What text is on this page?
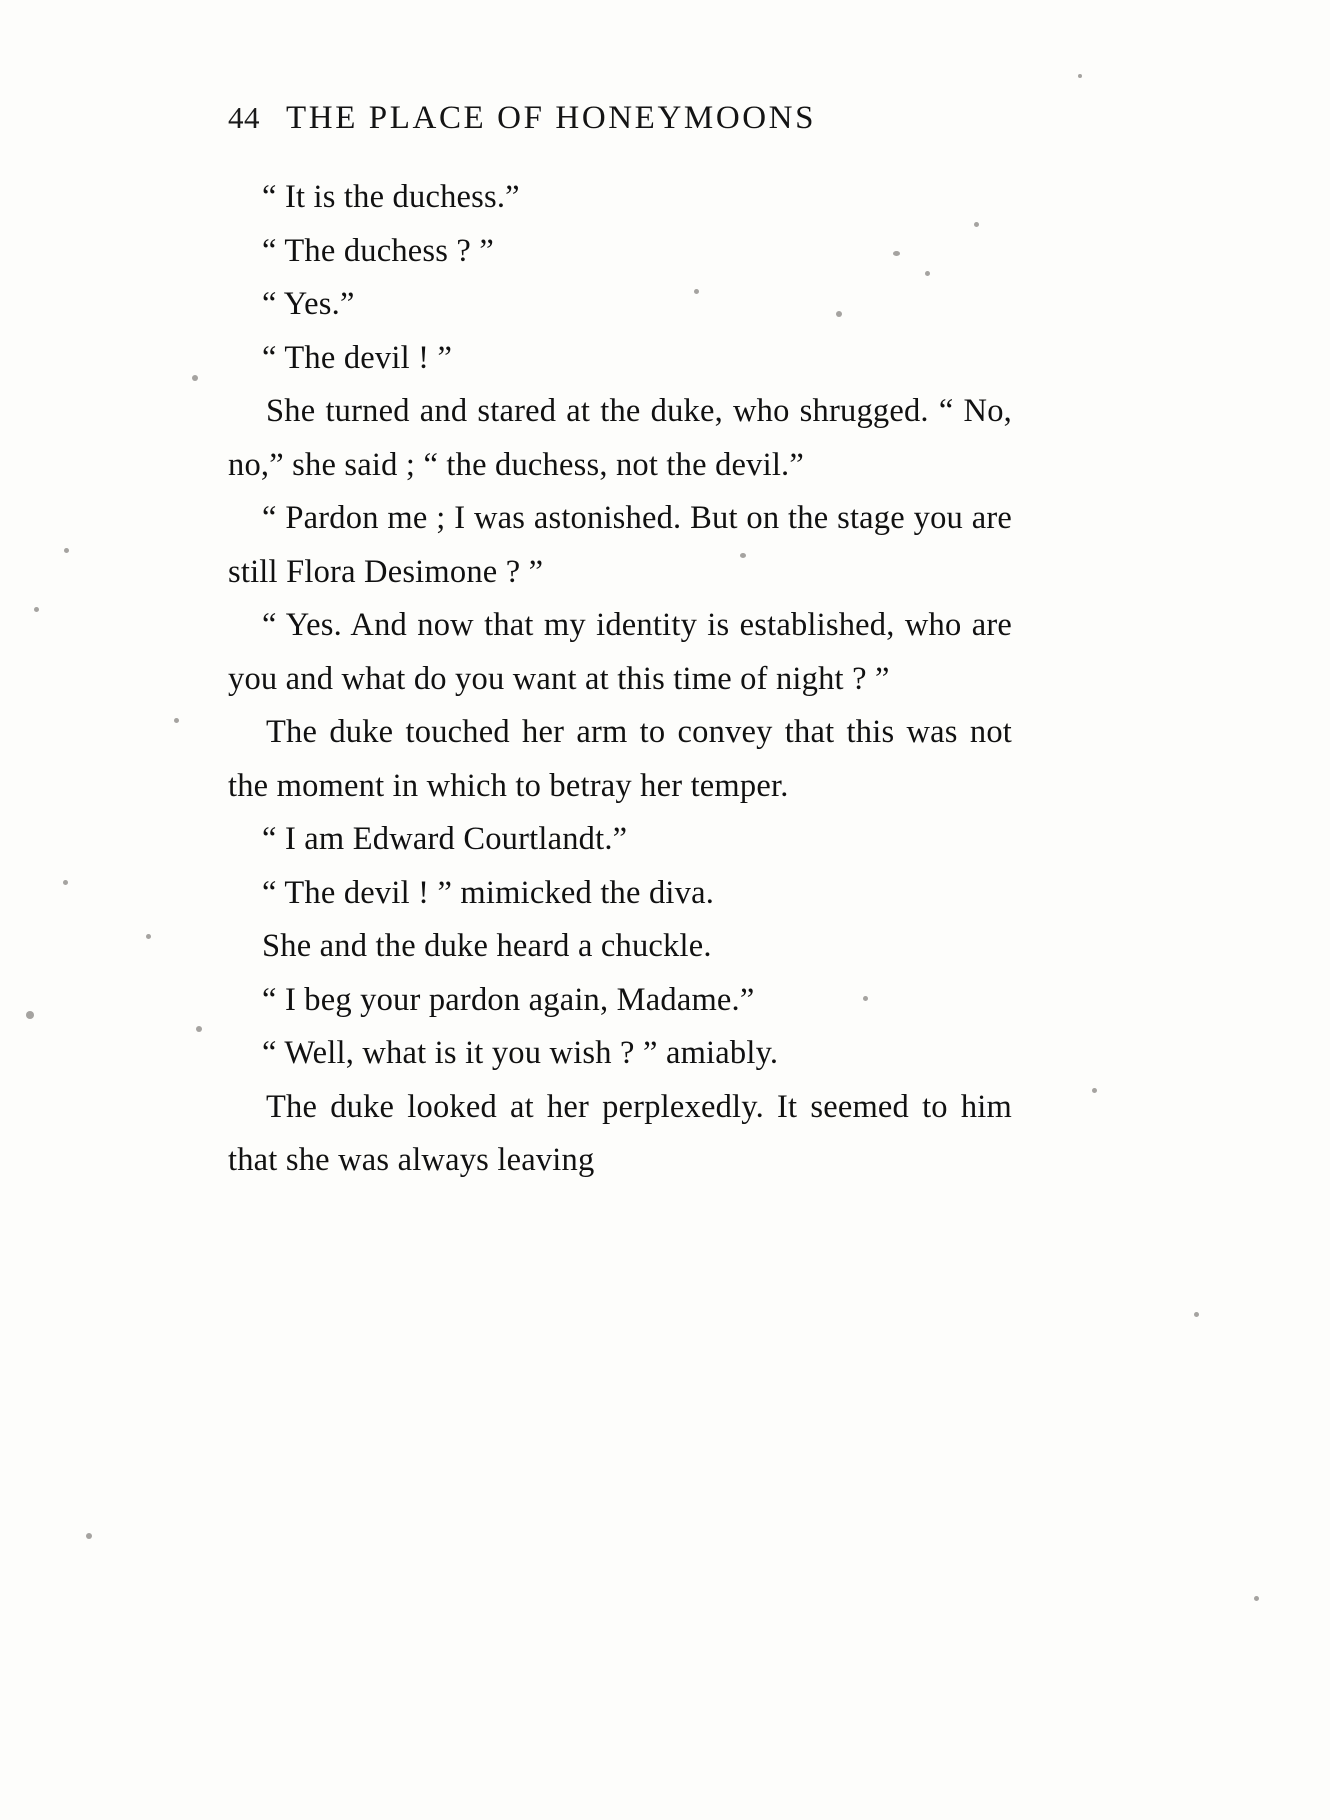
44 THE PLACE OF HONEYMOONS

“ It is the duchess.”

“ The duchess ? ”

“ Yes.”

“ The devil ! ”

She turned and stared at the duke, who shrugged. “ No, no,” she said ; “ the duchess, not the devil.”

“ Pardon me ; I was astonished. But on the stage you are still Flora Desimone ? ”

“ Yes. And now that my identity is established, who are you and what do you want at this time of night ? ”

The duke touched her arm to convey that this was not the moment in which to betray her temper.

“ I am Edward Courtlandt.”

“ The devil ! ” mimicked the diva.

She and the duke heard a chuckle.

“ I beg your pardon again, Madame.”

“ Well, what is it you wish ? ” amiably.

The duke looked at her perplexedly. It seemed to him that she was always leaving
